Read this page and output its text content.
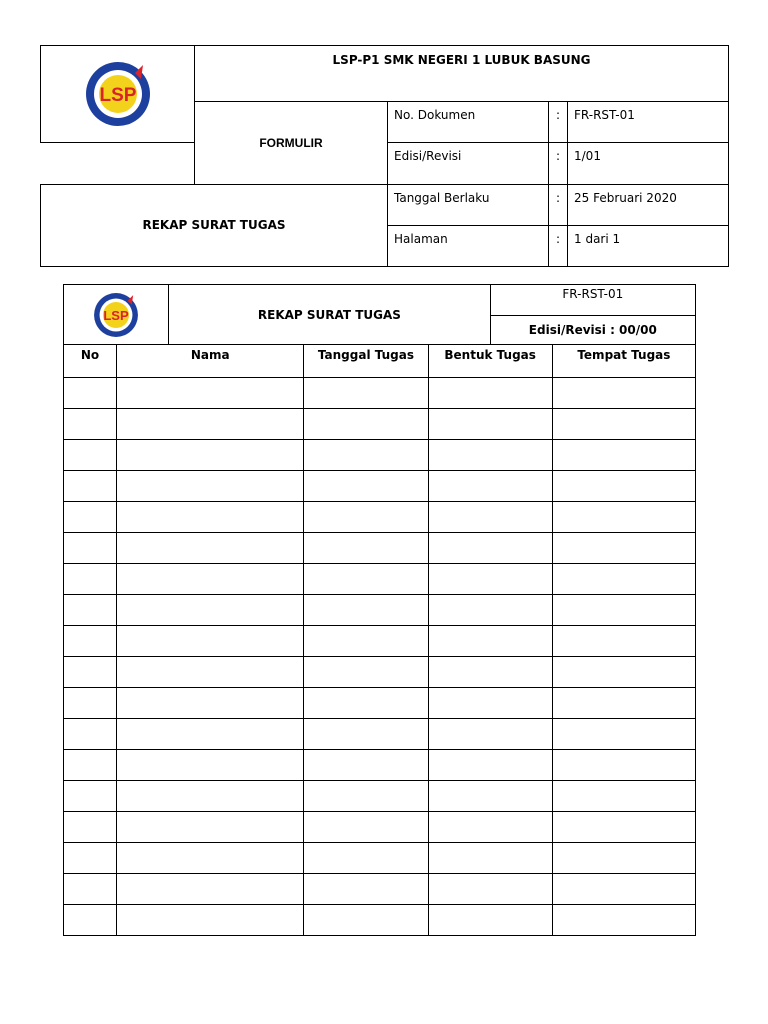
LSP	LSP-P1 SMK NEGERI 1 LUBUK BASUNG			
	FORMULIR	No. Dokumen	:	FR-RST-01
		Edisi/Revisi	:	1/01
REKAP SURAT TUGAS		Tanggal Berlaku	:	25 Februari 2020
		Halaman	:	1 dari 1
LSP		REKAP SURAT TUGAS			FR-RST-01	
					Edisi/Revisi : 00/00	
No	Nama		Tanggal Tugas	Bentuk Tugas		Tempat Tugas
